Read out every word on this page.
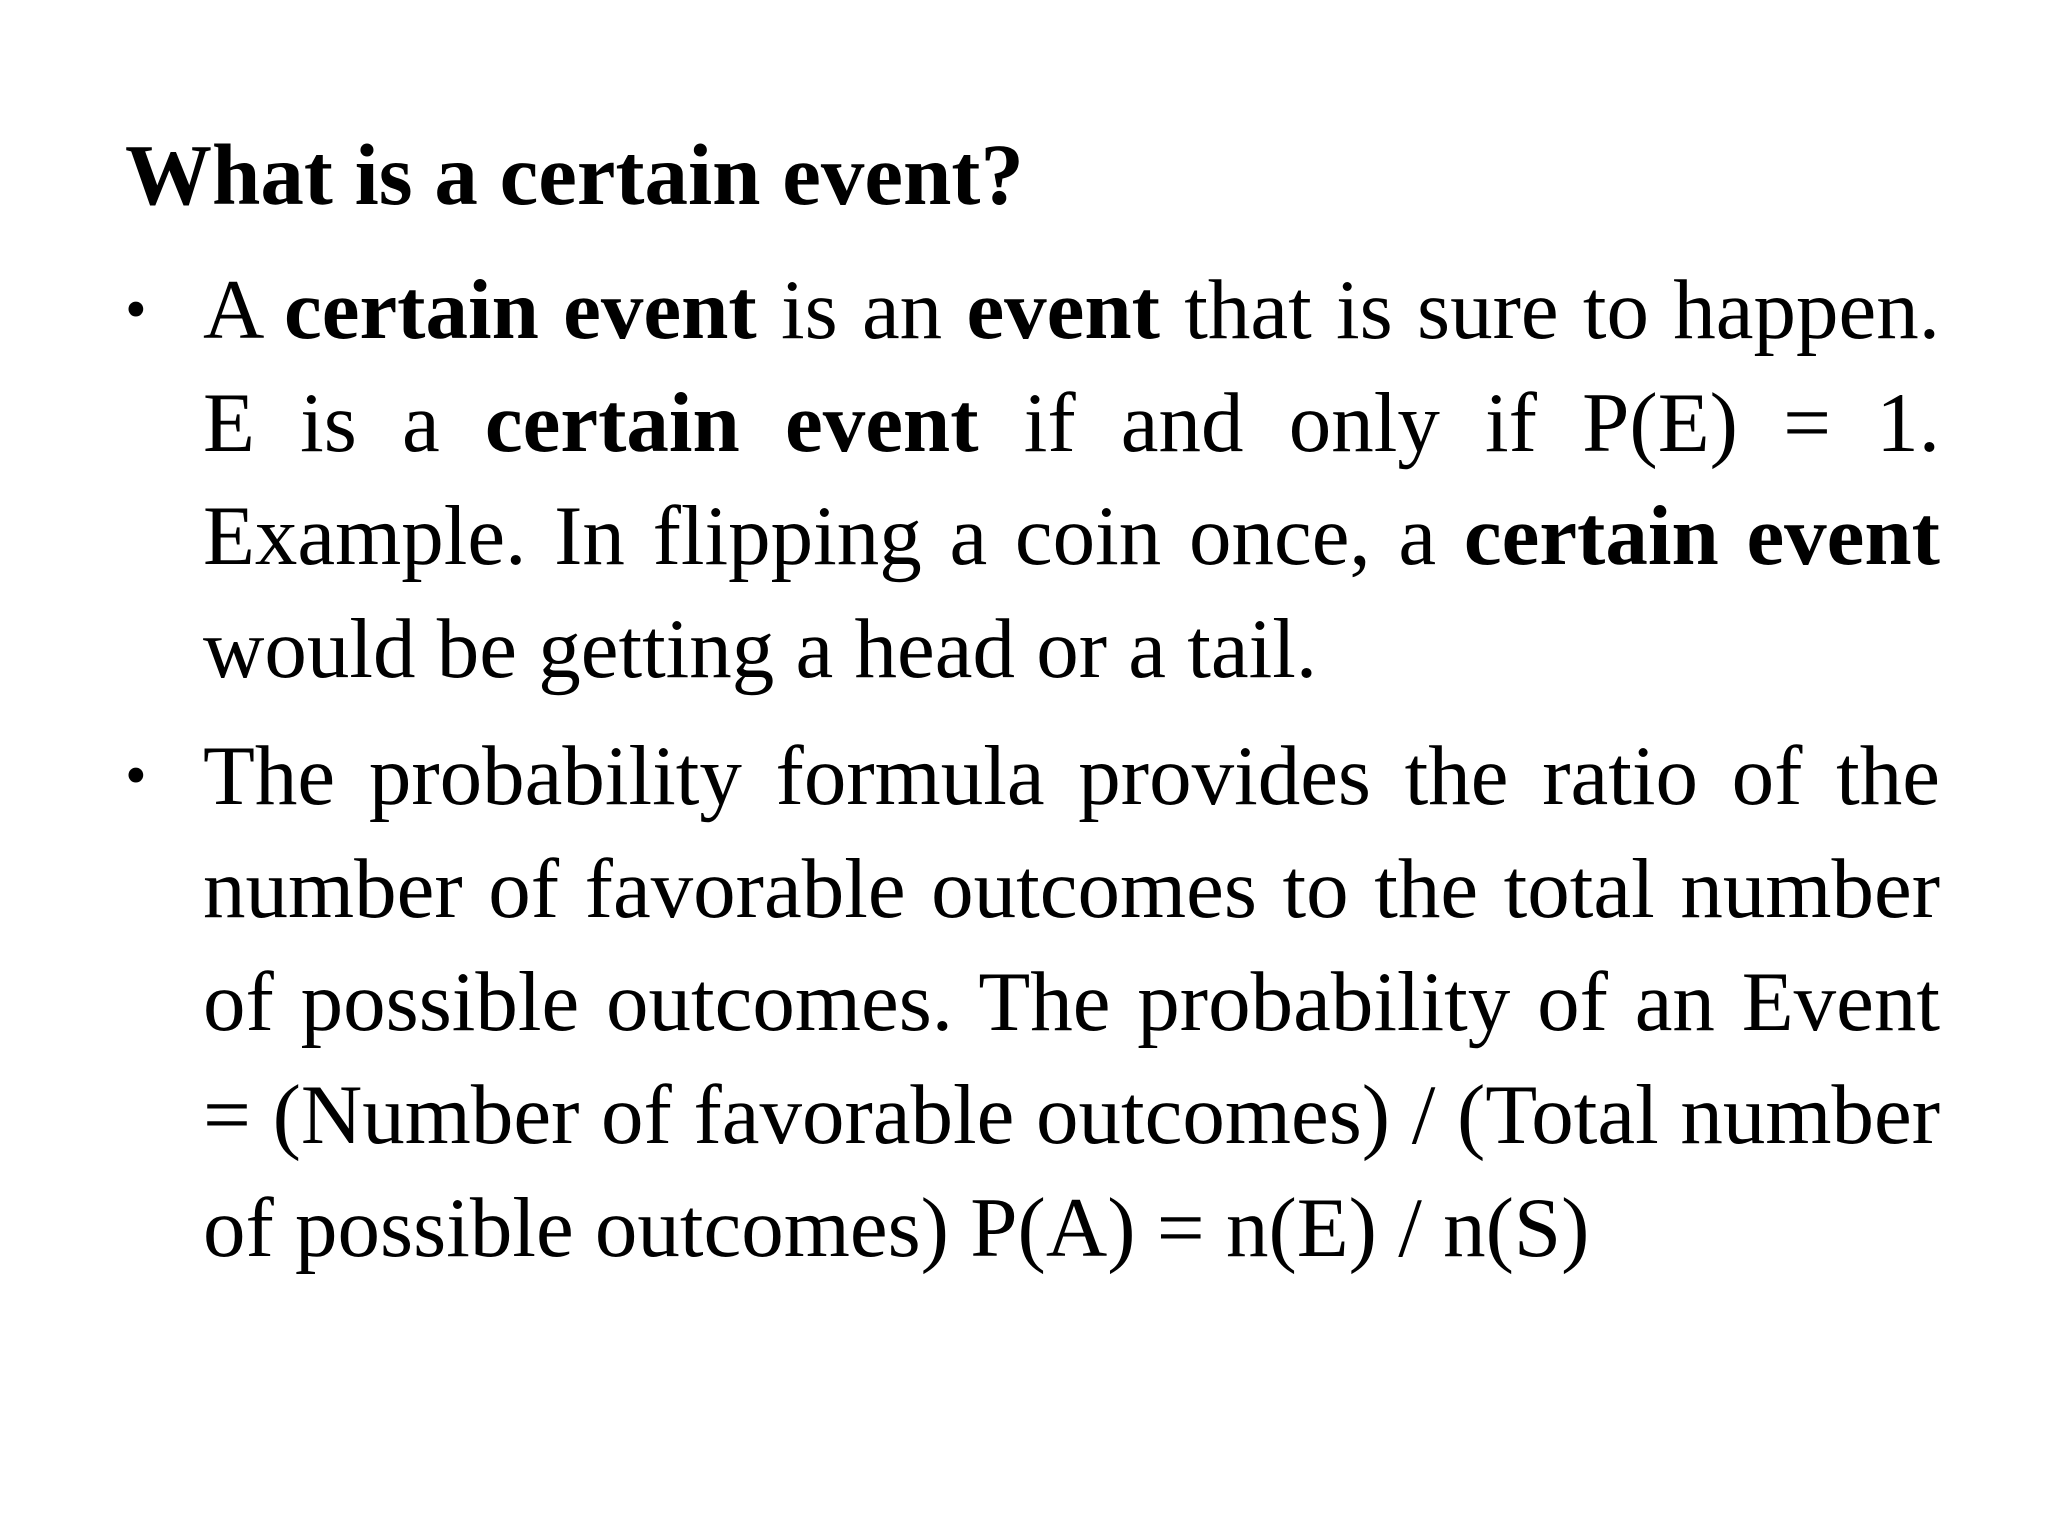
What is a certain event?
• A certain event is an event that is sure to happen. E is a certain event if and only if P(E) = 1. Example. In flipping a coin once, a certain event would be getting a head or a tail.
• The probability formula provides the ratio of the number of favorable outcomes to the total number of possible outcomes. The probability of an Event = (Number of favorable outcomes) / (Total number of possible outcomes) P(A) = n(E) / n(S)
